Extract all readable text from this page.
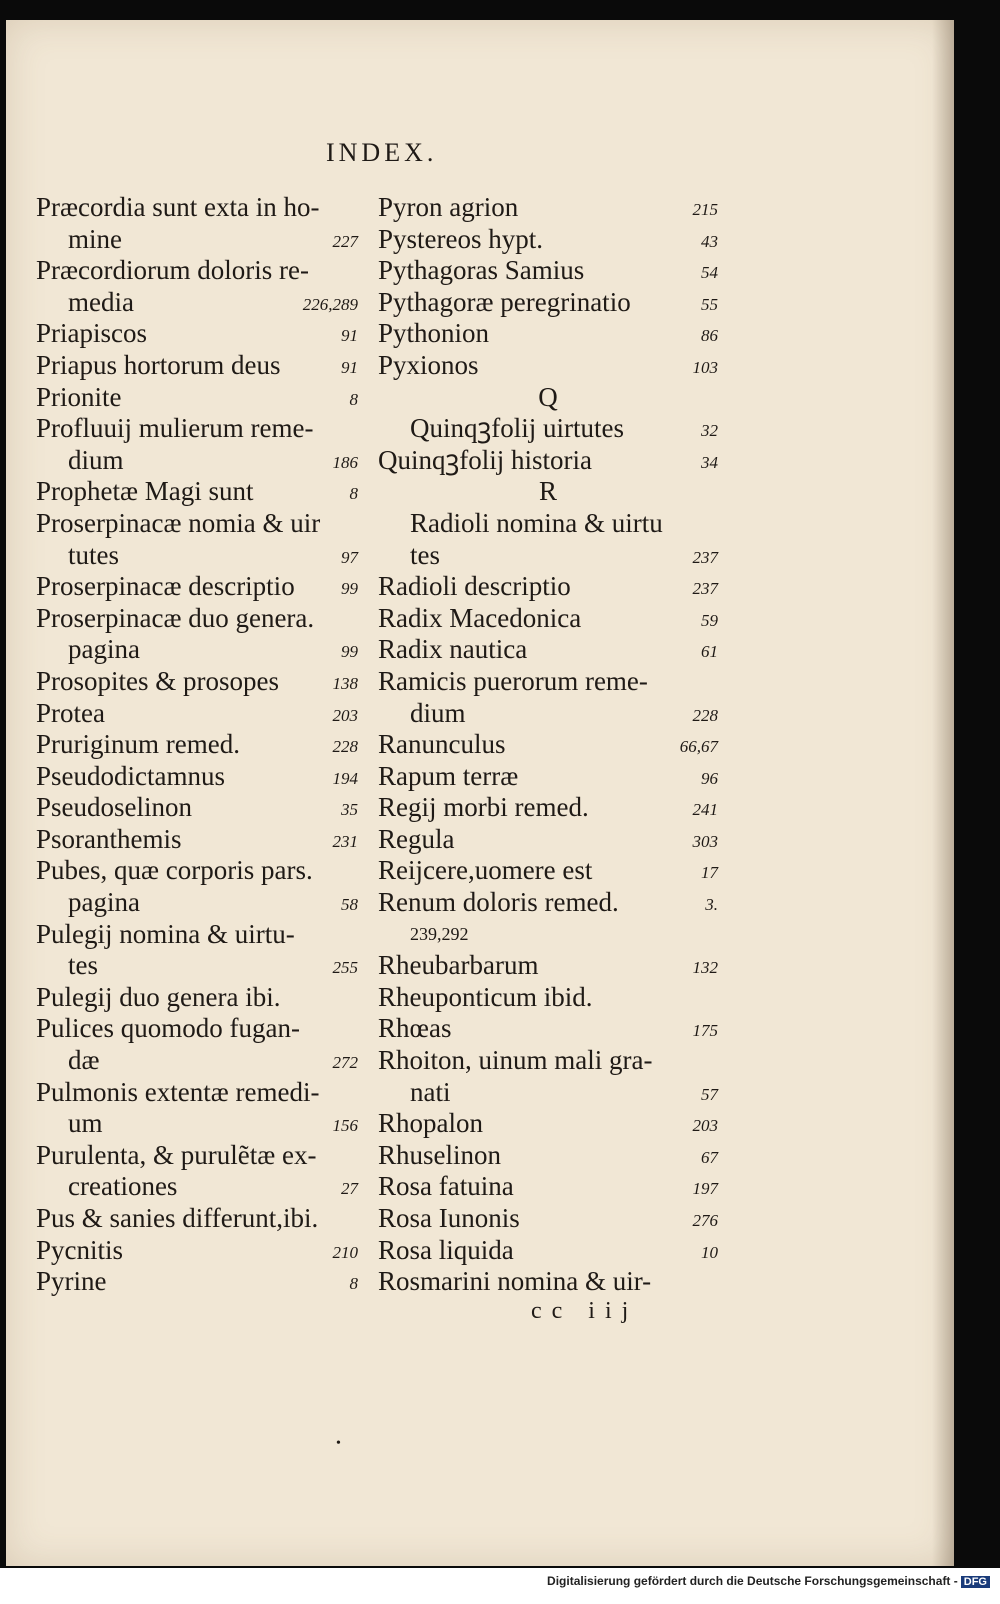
INDEX.
Præcordia sunt exta in ho-
mine	227
Præcordiorum doloris re-
media	226,289
Priapiscos	91
Priapus hortorum deus	91
Prionite	8
Profluuij mulierum reme-
dium	186
Prophetæ Magi sunt	8
Proserpinacæ nomia & uir
tutes	97
Proserpinacæ descriptio	99
Proserpinacæ duo genera.
pagina	99
Prosopites & prosopes	138
Protea	203
Pruriginum remed.	228
Pseudodictamnus	194
Pseudoselinon	35
Psoranthemis	231
Pubes, quæ corporis pars.
pagina	58
Pulegij nomina & uirtu-
tes	255
Pulegij duo genera ibi.
Pulices quomodo fugan-
dæ	272
Pulmonis extentæ remedi-
um	156
Purulenta, & purulẽtæ ex-
creationes	27
Pus & sanies differunt,ibi.
Pycnitis	210
Pyrine	8
Pyron agrion	215
Pystereos hypt.	43
Pythagoras Samius	54
Pythagoræ peregrinatio	55
Pythonion	86
Pyxionos	103
Q
Quinqꝫfolij uirtutes	32
Quinqꝫfolij historia	34
R
Radioli nomina & uirtu
tes	237
Radioli descriptio	237
Radix Macedonica	59
Radix nautica	61
Ramicis puerorum reme-
dium	228
Ranunculus	66,67
Rapum terræ	96
Regij morbi remed.	241
Regula	303
Reijcere,uomere est	17
Renum doloris remed.	3.
239,292
Rheubarbarum	132
Rheuponticum ibid.
Rhœas	175
Rhoiton, uinum mali gra-
nati	57
Rhopalon	203
Rhuselinon	67
Rosa fatuina	197
Rosa Iunonis	276
Rosa liquida	10
Rosmarini nomina & uir-
cc iij
•
Digitalisierung gefördert durch die Deutsche Forschungsgemeinschaft - DFG
